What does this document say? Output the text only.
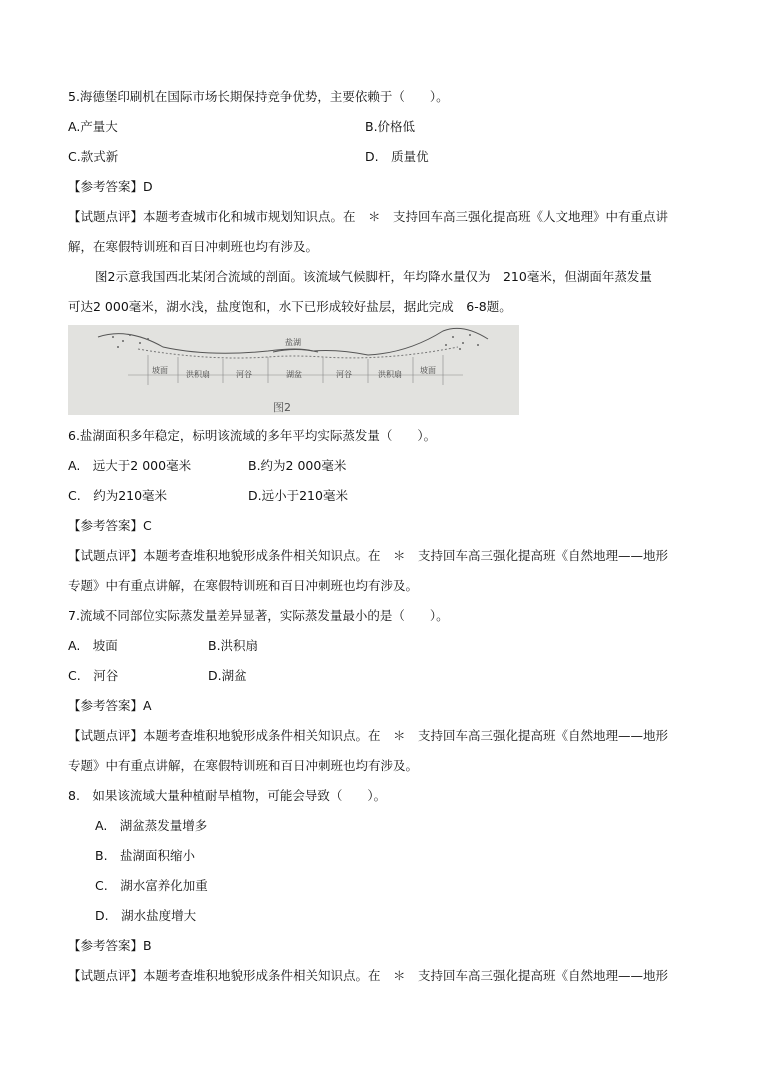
5.海德堡印刷机在国际市场长期保持竞争优势，主要依赖于（　　）。
A.产量大	B.价格低
C.款式新	D.　质量优
【参考答案】D
【试题点评】本题考查城市化和城市规划知识点。在　＊　支持回车高三强化提高班《人文地理》中有重点讲
解，在寒假特训班和百日冲刺班也均有涉及。
图2示意我国西北某闭合流域的剖面。该流域气候脚杆，年均降水量仅为　210毫米，但湖面年蒸发量
可达2 000毫米，湖水浅，盐度饱和，水下已形成较好盐层，据此完成　6-8题。
盐湖
坡面 洪积扇	河谷	湖盆	河谷	洪积扇 坡面
图2
6.盐湖面积多年稳定，标明该流域的多年平均实际蒸发量（　　）。
A.　远大于2 000毫米	B.约为2 000毫米
C.　约为210毫米	D.远小于210毫米
【参考答案】C
【试题点评】本题考查堆积地貌形成条件相关知识点。在　＊　支持回车高三强化提高班《自然地理——地形
专题》中有重点讲解，在寒假特训班和百日冲刺班也均有涉及。
7.流域不同部位实际蒸发量差异显著，实际蒸发量最小的是（　　）。
A.　坡面	B.洪积扇
C.　河谷	D.湖盆
【参考答案】A
【试题点评】本题考查堆积地貌形成条件相关知识点。在　＊　支持回车高三强化提高班《自然地理——地形
专题》中有重点讲解，在寒假特训班和百日冲刺班也均有涉及。
8.　如果该流域大量种植耐旱植物，可能会导致（　　）。
A.　湖盆蒸发量增多
B.　盐湖面积缩小
C.　湖水富养化加重
D.　湖水盐度增大
【参考答案】B
【试题点评】本题考查堆积地貌形成条件相关知识点。在　＊　支持回车高三强化提高班《自然地理——地形
